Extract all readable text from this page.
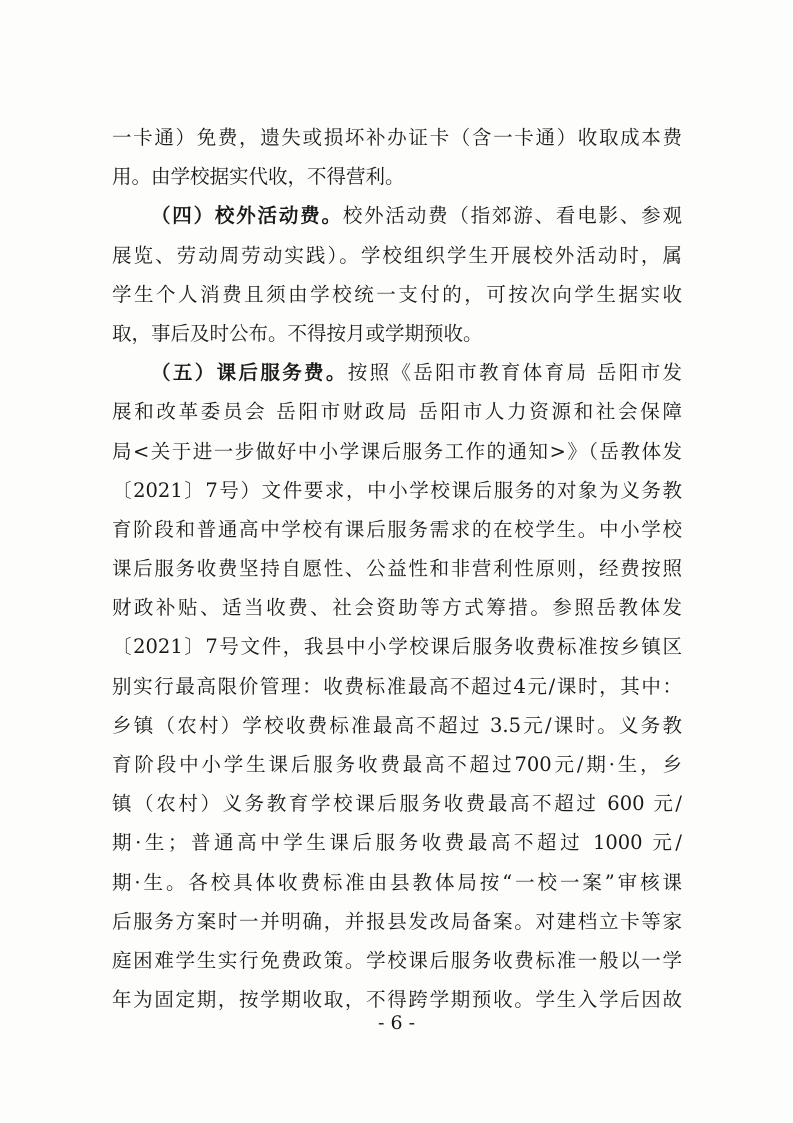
一卡通）免费，遗失或损坏补办证卡（含一卡通）收取成本费
用。由学校据实代收，不得营利。
（四）校外活动费。校外活动费（指郊游、看电影、参观
展览、劳动周劳动实践）。学校组织学生开展校外活动时，属
学生个人消费且须由学校统一支付的，可按次向学生据实收
取，事后及时公布。不得按月或学期预收。
（五）课后服务费。按照《岳阳市教育体育局 岳阳市发
展和改革委员会 岳阳市财政局 岳阳市人力资源和社会保障
局<关于进一步做好中小学课后服务工作的通知>》（岳教体发
〔2021〕7号）文件要求，中小学校课后服务的对象为义务教
育阶段和普通高中学校有课后服务需求的在校学生。中小学校
课后服务收费坚持自愿性、公益性和非营利性原则，经费按照
财政补贴、适当收费、社会资助等方式筹措。参照岳教体发
〔2021〕7号文件，我县中小学校课后服务收费标准按乡镇区
别实行最高限价管理：收费标准最高不超过4元/课时，其中：
乡镇（农村）学校收费标准最高不超过 3.5元/课时。义务教
育阶段中小学生课后服务收费最高不超过700元/期·生，乡
镇（农村）义务教育学校课后服务收费最高不超过 600 元/
期·生；普通高中学生课后服务收费最高不超过 1000 元/
期·生。各校具体收费标准由县教体局按“一校一案”审核课
后服务方案时一并明确，并报县发改局备案。对建档立卡等家
庭困难学生实行免费政策。学校课后服务收费标准一般以一学
年为固定期，按学期收取，不得跨学期预收。学生入学后因故
- 6 -
